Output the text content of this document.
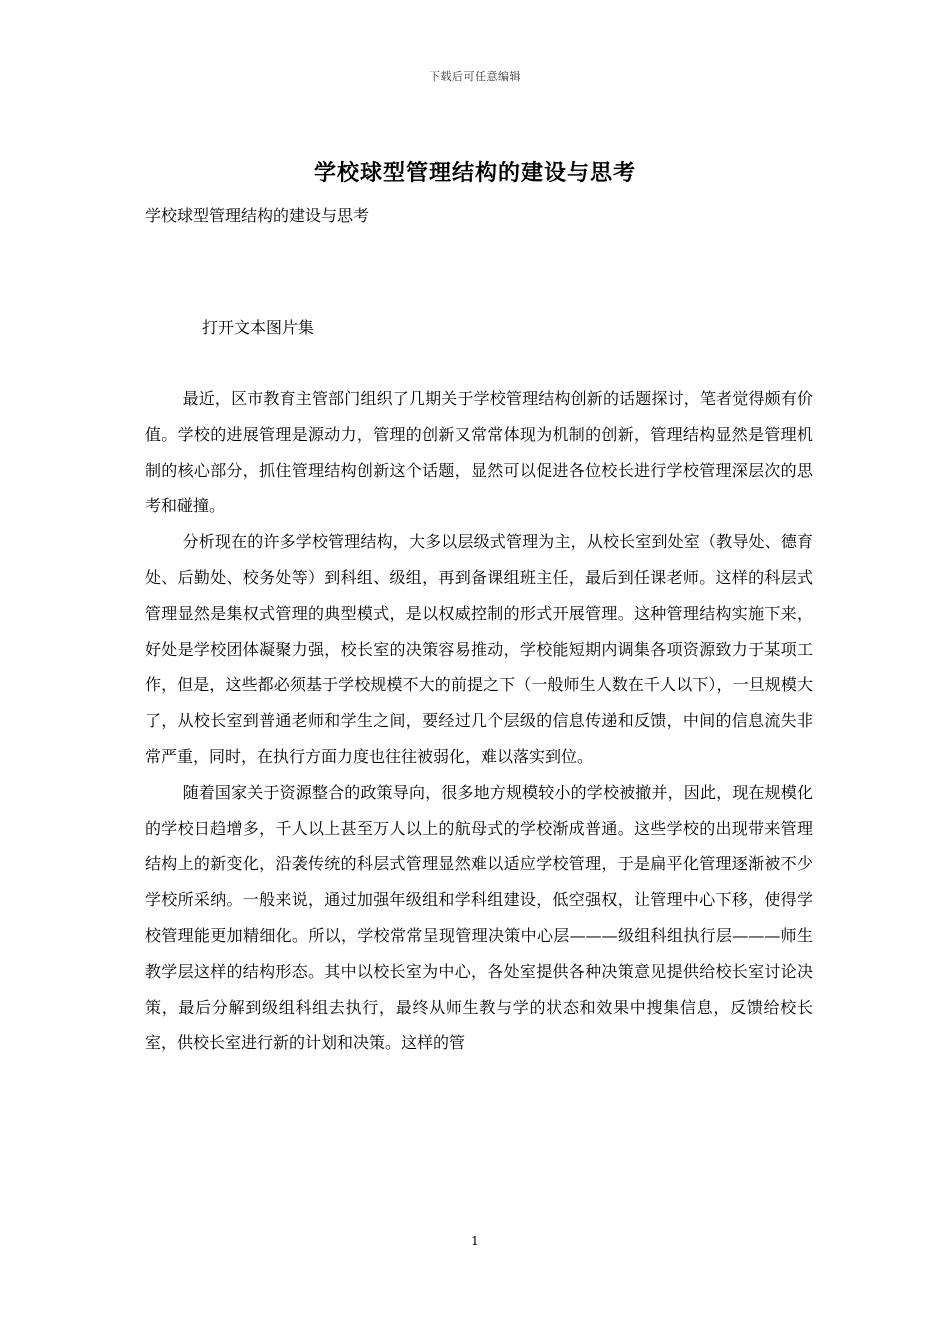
下载后可任意编辑
学校球型管理结构的建设与思考
学校球型管理结构的建设与思考
打开文本图片集

最近，区市教育主管部门组织了几期关于学校管理结构创新的话题探讨，笔者觉得颇有价值。学校的进展管理是源动力，管理的创新又常常体现为机制的创新，管理结构显然是管理机制的核心部分，抓住管理结构创新这个话题，显然可以促进各位校长进行学校管理深层次的思考和碰撞。

分析现在的许多学校管理结构，大多以层级式管理为主，从校长室到处室（教导处、德育处、后勤处、校务处等）到科组、级组，再到备课组班主任，最后到任课老师。这样的科层式管理显然是集权式管理的典型模式，是以权威控制的形式开展管理。这种管理结构实施下来，好处是学校团体凝聚力强，校长室的决策容易推动，学校能短期内调集各项资源致力于某项工作，但是，这些都必须基于学校规模不大的前提之下（一般师生人数在千人以下），一旦规模大了，从校长室到普通老师和学生之间，要经过几个层级的信息传递和反馈，中间的信息流失非常严重，同时，在执行方面力度也往往被弱化，难以落实到位。

随着国家关于资源整合的政策导向，很多地方规模较小的学校被撤并，因此，现在规模化的学校日趋增多，千人以上甚至万人以上的航母式的学校渐成普通。这些学校的出现带来管理结构上的新变化，沿袭传统的科层式管理显然难以适应学校管理，于是扁平化管理逐渐被不少学校所采纳。一般来说，通过加强年级组和学科组建设，低空强权，让管理中心下移，使得学校管理能更加精细化。所以，学校常常呈现管理决策中心层———级组科组执行层———师生教学层这样的结构形态。其中以校长室为中心，各处室提供各种决策意见提供给校长室讨论决策，最后分解到级组科组去执行，最终从师生教与学的状态和效果中搜集信息，反馈给校长室，供校长室进行新的计划和决策。这样的管

1
